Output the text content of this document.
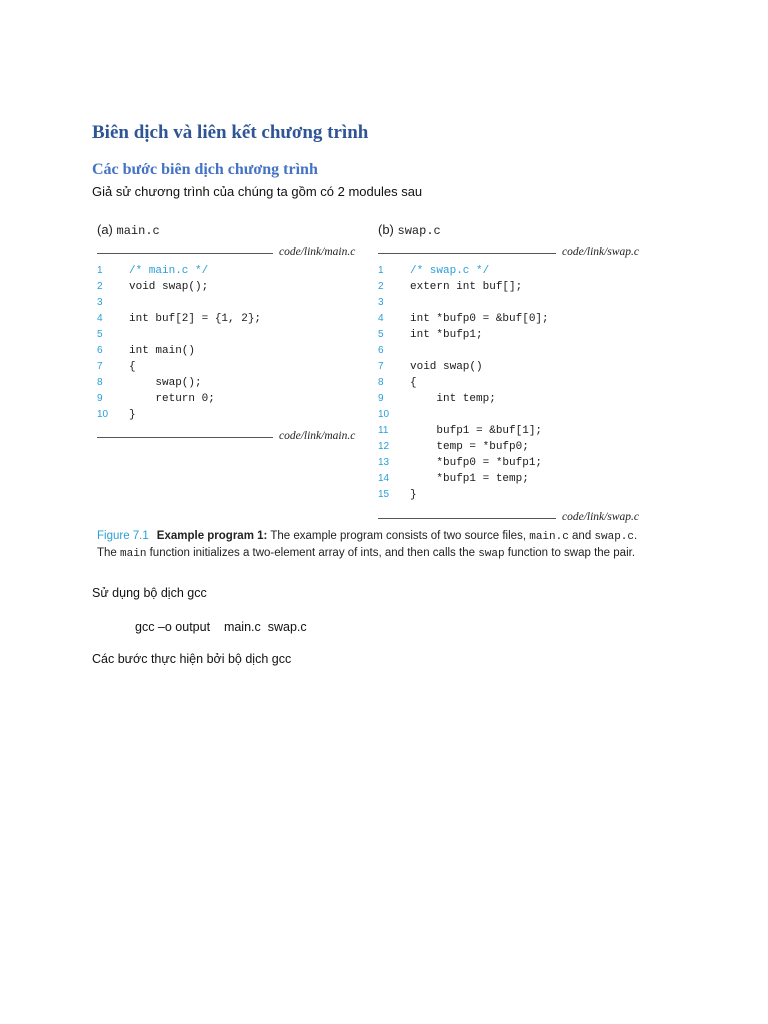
Biên dịch và liên kết chương trình
Các bước biên dịch chương trình
Giả sử chương trình của chúng ta gồm có 2 modules sau
(a) main.c
code/link/main.c
1	/* main.c */
2	void swap();
3
4	int buf[2] = {1, 2};
5
6	int main()
7	{
8	swap();
9	return 0;
10	}
code/link/main.c
(b) swap.c
code/link/swap.c
1	/* swap.c */
2	extern int buf[];
3
4	int *bufp0 = &buf[0];
5	int *bufp1;
6
7	void swap()
8	{
9	int temp;
10
11	bufp1 = &buf[1];
12	temp = *bufp0;
13	*bufp0 = *bufp1;
14	*bufp1 = temp;
15	}
code/link/swap.c
Figure 7.1 Example program 1: The example program consists of two source files, main.c and swap.c.
The main function initializes a two-element array of ints, and then calls the swap function to swap the pair.
Sử dụng bộ dịch gcc
gcc –o output    main.c  swap.c
Các bước thực hiện bởi bộ dịch gcc
